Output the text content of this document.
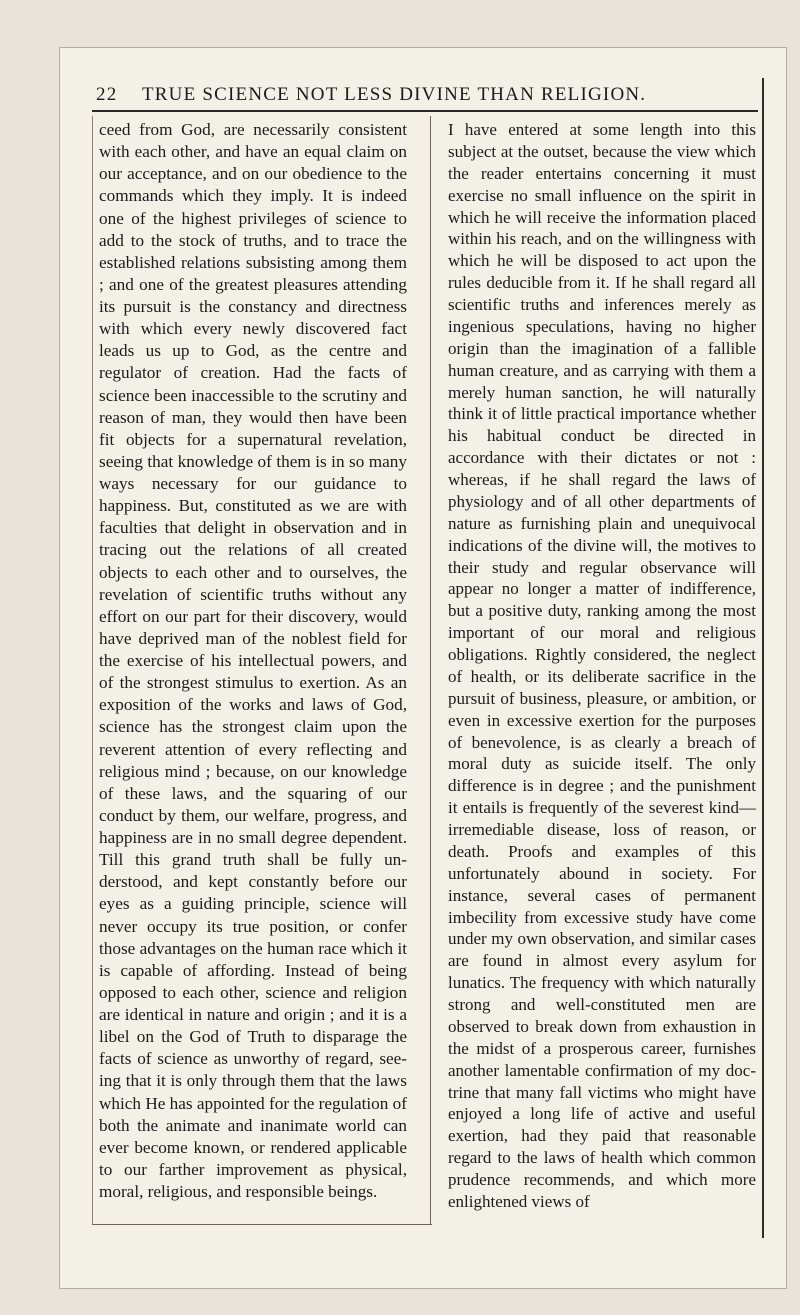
22 TRUE SCIENCE NOT LESS DIVINE THAN RELIGION.

ceed from God, are necessarily consistent with each other, and have an equal claim on our acceptance, and on our obedience to the commands which they imply. It is indeed one of the highest privileges of science to add to the stock of truths, and to trace the established relations subsisting among them ; and one of the greatest pleasures attending its pursuit is the constancy and directness with which every newly discovered fact leads us up to God, as the centre and regulator of creation. Had the facts of science been inaccessible to the scrutiny and reason of man, they would then have been fit objects for a supernatural revelation, seeing that knowledge of them is in so many ways necessary for our guidance to happiness. But, constituted as we are with faculties that delight in observation and in tracing out the relations of all created objects to each other and to ourselves, the revelation of scientific truths without any effort on our part for their discovery, would have deprived man of the noblest field for the exercise of his intellectual powers, and of the strongest stimulus to exertion. As an exposition of the works and laws of God, science has the strongest claim upon the reverent attention of every reflecting and religious mind ; because, on our knowledge of these laws, and the squaring of our conduct by them, our welfare, progress, and happiness are in no small degree dependent. Till this grand truth shall be fully understood, and kept constantly before our eyes as a guiding principle, science will never occupy its true position, or confer those advantages on the human race which it is capable of affording. Instead of being opposed to each other, science and religion are identical in nature and origin ; and it is a libel on the God of Truth to disparage the facts of science as unworthy of regard, seeing that it is only through them that the laws which He has appointed for the regulation of both the animate and inanimate world can ever become known, or rendered applicable to our farther improvement as physical, moral, religious, and responsible beings.

I have entered at some length into this subject at the outset, because the view which the reader entertains concerning it must exercise no small influence on the spirit in which he will receive the information placed within his reach, and on the willingness with which he will be disposed to act upon the rules deducible from it. If he shall regard all scientific truths and inferences merely as ingenious speculations, having no higher origin than the imagination of a fallible human creature, and as carrying with them a merely human sanction, he will naturally think it of little practical importance whether his habitual conduct be directed in accordance with their dictates or not : whereas, if he shall regard the laws of physiology and of all other departments of nature as furnishing plain and unequivocal indications of the divine will, the motives to their study and regular observance will appear no longer a matter of indifference, but a positive duty, ranking among the most important of our moral and religious obligations. Rightly considered, the neglect of health, or its deliberate sacrifice in the pursuit of business, pleasure, or ambition, or even in excessive exertion for the purposes of benevolence, is as clearly a breach of moral duty as suicide itself. The only difference is in degree ; and the punishment it entails is frequently of the severest kind—irremediable disease, loss of reason, or death. Proofs and examples of this unfortunately abound in society. For instance, several cases of permanent imbecility from excessive study have come under my own observation, and similar cases are found in almost every asylum for lunatics. The frequency with which naturally strong and well-constituted men are observed to break down from exhaustion in the midst of a prosperous career, furnishes another lamentable confirmation of my doctrine that many fall victims who might have enjoyed a long life of active and useful exertion, had they paid that reasonable regard to the laws of health which common prudence recommends, and which more enlightened views of
